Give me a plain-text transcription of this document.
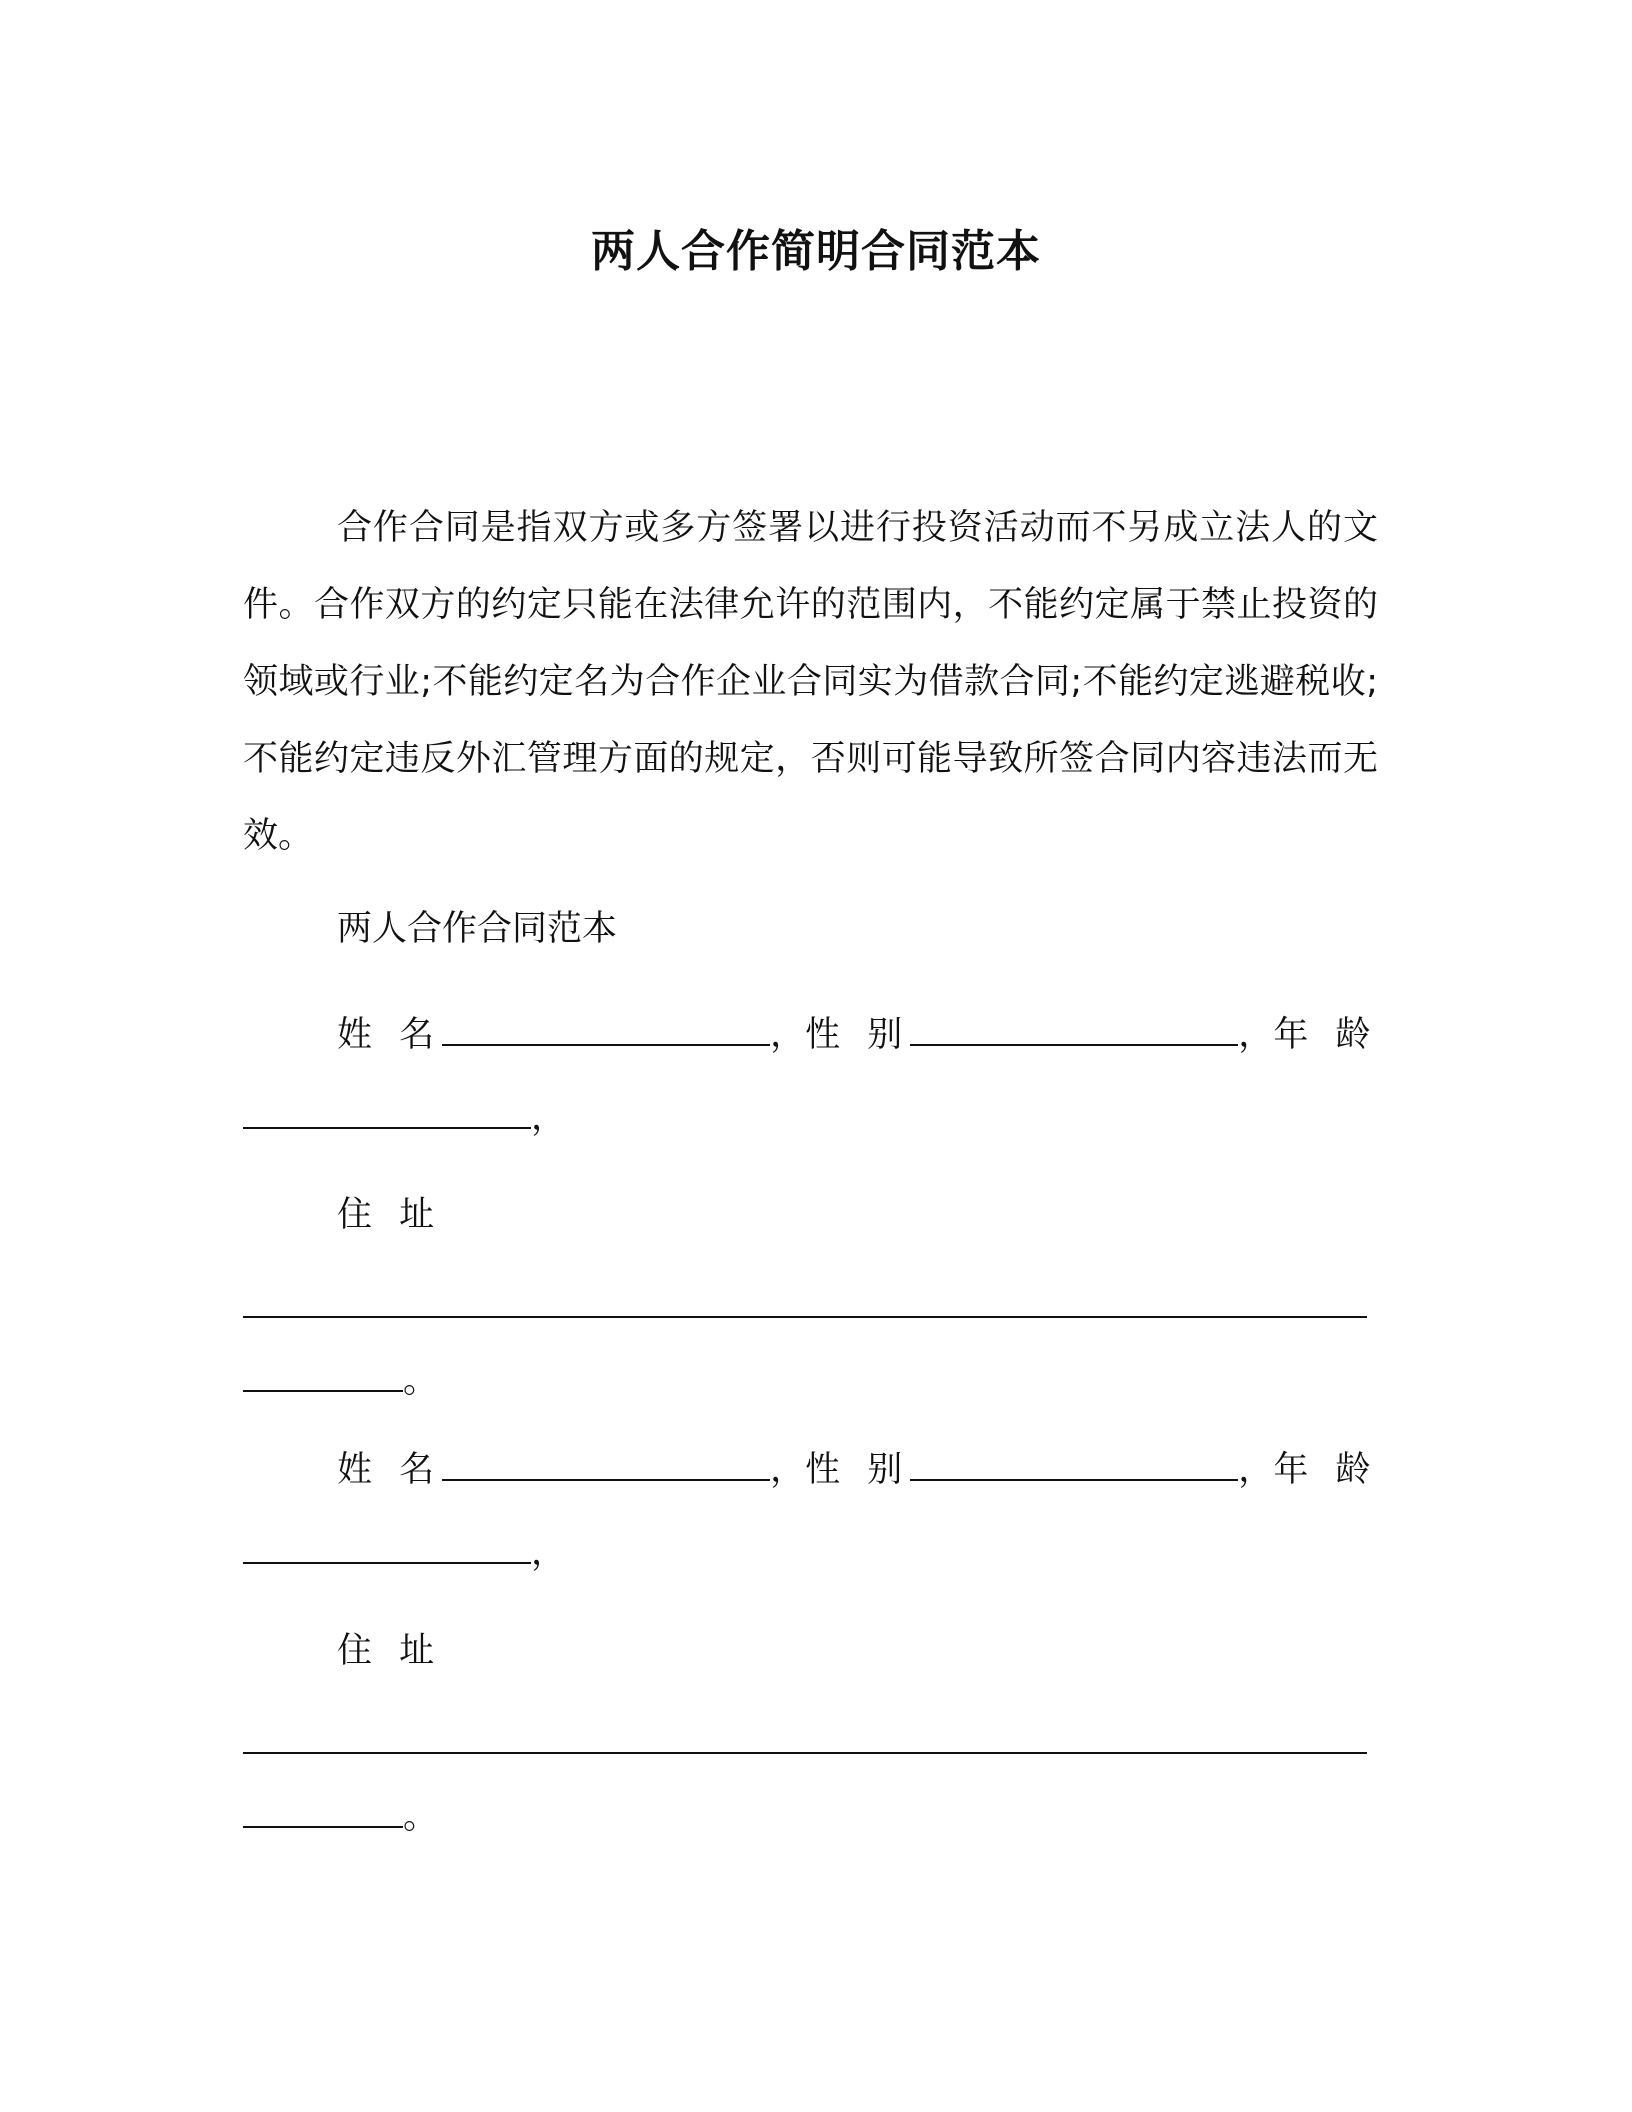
两人合作简明合同范本
合作合同是指双方或多方签署以进行投资活动而不另成立法人的文件。合作双方的约定只能在法律允许的范围内，不能约定属于禁止投资的领域或行业;不能约定名为合作企业合同实为借款合同;不能约定逃避税收;不能约定违反外汇管理方面的规定，否则可能导致所签合同内容违法而无效。
两人合作合同范本
姓 名	，性 别	，年 龄
，
住 址
。
姓 名	，性 别	，年 龄
，
住 址
。
